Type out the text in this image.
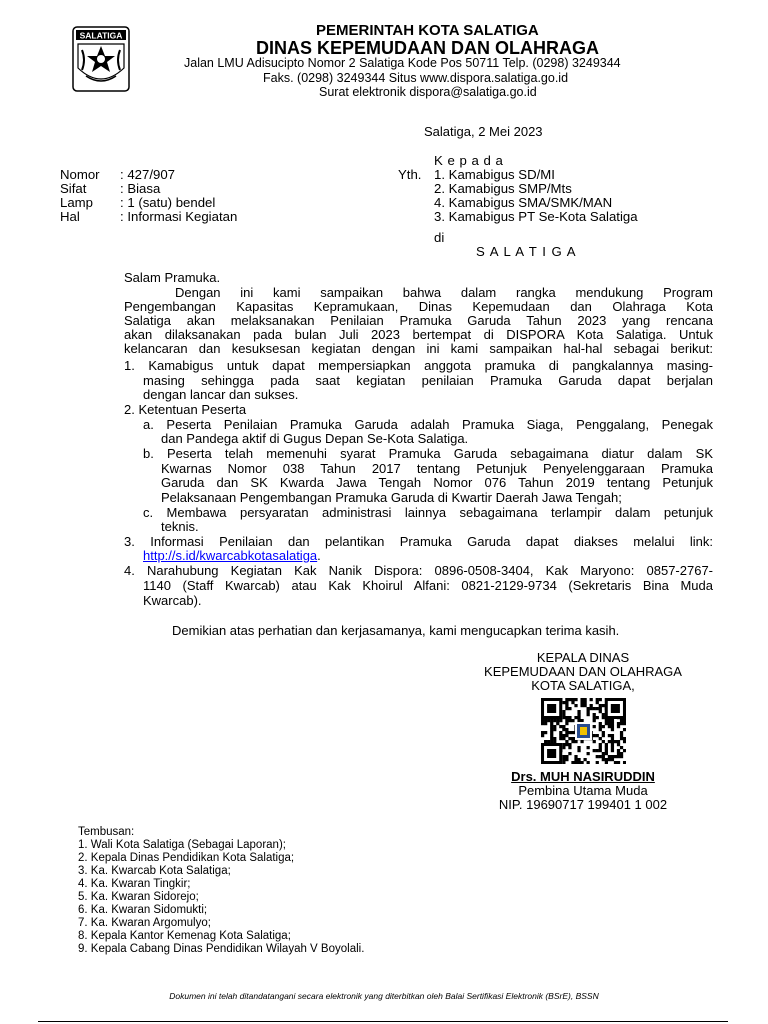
SALATIGA	PEMERINTAH KOTA SALATIGA
DINAS KEPEMUDAAN DAN OLAHRAGA
Jalan LMU Adisucipto Nomor 2 Salatiga Kode Pos 50711 Telp. (0298) 3249344
Faks. (0298) 3249344 Situs www.dispora.salatiga.go.id
Surat elektronik dispora@salatiga.go.id
Salatiga, 2 Mei 2023
Nomor : 427/907
Sifat	: Biasa
Lamp : 1 (satu) bendel
Hal	: Informasi Kegiatan
K e p a d a
Yth. 1. Kamabigus SD/MI
2. Kamabigus SMP/Mts
4. Kamabigus SMA/SMK/MAN
3. Kamabigus PT Se-Kota Salatiga
di
S A L A T I G A
Salam Pramuka.
Dengan ini kami sampaikan bahwa dalam rangka mendukung Program
Pengembangan Kapasitas Kepramukaan, Dinas Kepemudaan dan Olahraga Kota
Salatiga akan melaksanakan Penilaian Pramuka Garuda Tahun 2023 yang rencana
akan dilaksanakan pada bulan Juli 2023 bertempat di DISPORA Kota Salatiga. Untuk
kelancaran dan kesuksesan kegiatan dengan ini kami sampaikan hal-hal sebagai berikut:
1. Kamabigus untuk dapat mempersiapkan anggota pramuka di pangkalannya masing-
masing sehingga pada saat kegiatan penilaian Pramuka Garuda dapat berjalan
dengan lancar dan sukses.
2. Ketentuan Peserta
a. Peserta Penilaian Pramuka Garuda adalah Pramuka Siaga, Penggalang, Penegak
dan Pandega aktif di Gugus Depan Se-Kota Salatiga.
b. Peserta telah memenuhi syarat Pramuka Garuda sebagaimana diatur dalam SK
Kwarnas Nomor 038 Tahun 2017 tentang Petunjuk Penyelenggaraan Pramuka
Garuda dan SK Kwarda Jawa Tengah Nomor 076 Tahun 2019 tentang Petunjuk
Pelaksanaan Pengembangan Pramuka Garuda di Kwartir Daerah Jawa Tengah;
c. Membawa persyaratan administrasi lainnya sebagaimana terlampir dalam petunjuk
teknis.
3. Informasi Penilaian dan pelantikan Pramuka Garuda dapat diakses melalui link:
http://s.id/kwarcabkotasalatiga.
4. Narahubung Kegiatan Kak Nanik Dispora: 0896-0508-3404, Kak Maryono: 0857-2767-
1140 (Staff Kwarcab) atau Kak Khoirul Alfani: 0821-2129-9734 (Sekretaris Bina Muda
Kwarcab).
Demikian atas perhatian dan kerjasamanya, kami mengucapkan terima kasih.
KEPALA DINAS
KEPEMUDAAN DAN OLAHRAGA
KOTA SALATIGA,
Drs. MUH NASIRUDDIN
Pembina Utama Muda
NIP. 19690717 199401 1 002
Tembusan:
1. Wali Kota Salatiga (Sebagai Laporan);
2. Kepala Dinas Pendidikan Kota Salatiga;
3. Ka. Kwarcab Kota Salatiga;
4. Ka. Kwaran Tingkir;
5. Ka. Kwaran Sidorejo;
6. Ka. Kwaran Sidomukti;
7. Ka. Kwaran Argomulyo;
8. Kepala Kantor Kemenag Kota Salatiga;
9. Kepala Cabang Dinas Pendidikan Wilayah V Boyolali.
Dokumen ini telah ditandatangani secara elektronik yang diterbitkan oleh Balai Sertifikasi Elektronik (BSrE), BSSN
